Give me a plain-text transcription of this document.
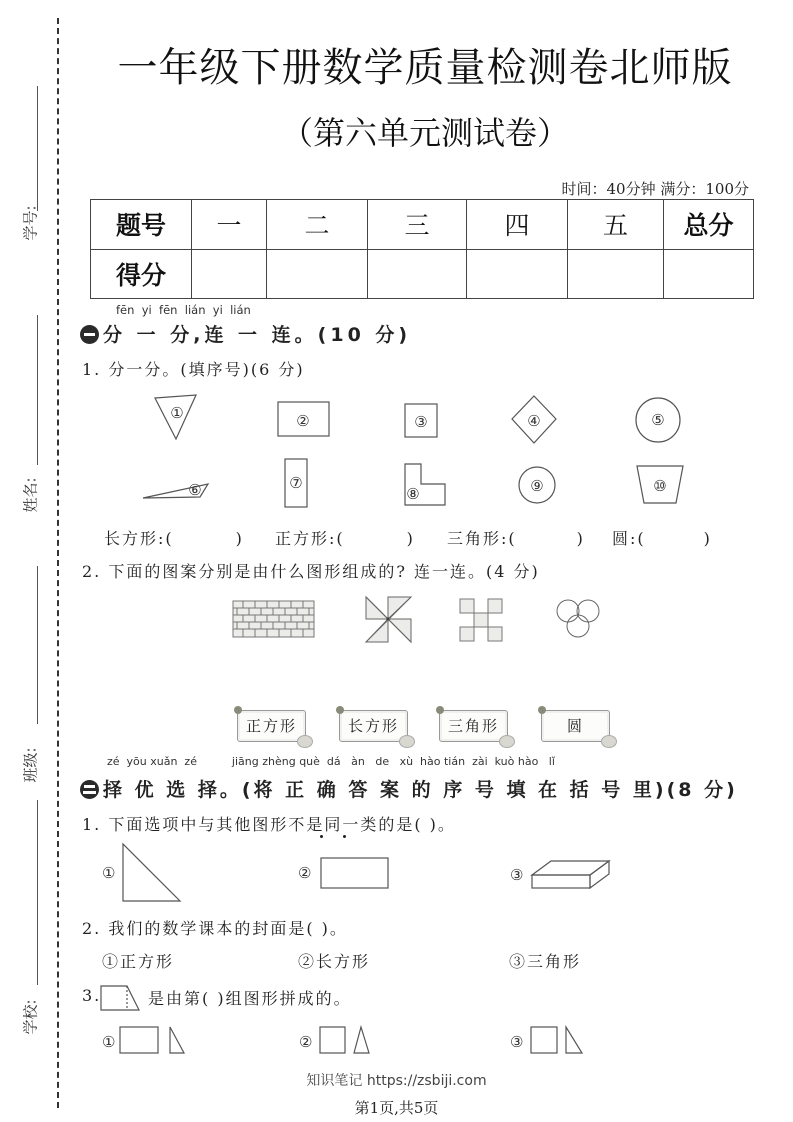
学号:
姓名:
班级:
学校:
一年级下册数学质量检测卷北师版
（第六单元测试卷）
时间：40分钟 满分：100分
题号	一	二	三	四	五	总分
得分						
fēn  yi  fēn  lián  yi  lián
分 一 分,连 一 连。(10 分)
1. 分一分。(填序号)(6 分)
①	②	③	④	⑤
⑥	⑦
⑧	⑨	⑩
长方形:(	) 正方形:(	) 三角形:(	) 圆:(	)
2. 下面的图案分别是由什么图形组成的? 连一连。(4 分)
正方形	长方形	三角形	圆
zé  yōu xuǎn  zé          jiāng zhèng què  dá   àn   de   xù  hào tián  zài  kuò hào   lǐ
择 优 选 择。(将 正 确 答 案 的 序 号 填 在 括 号 里)(8 分)
1. 下面选项中与其他图形不是同一类的是( )。
①	②	③
2. 我们的数学课本的封面是( )。
①正方形	②长方形	③三角形
3.	是由第( )组图形拼成的。
①	②	③
知识笔记 https://zsbiji.com
第1页,共5页
